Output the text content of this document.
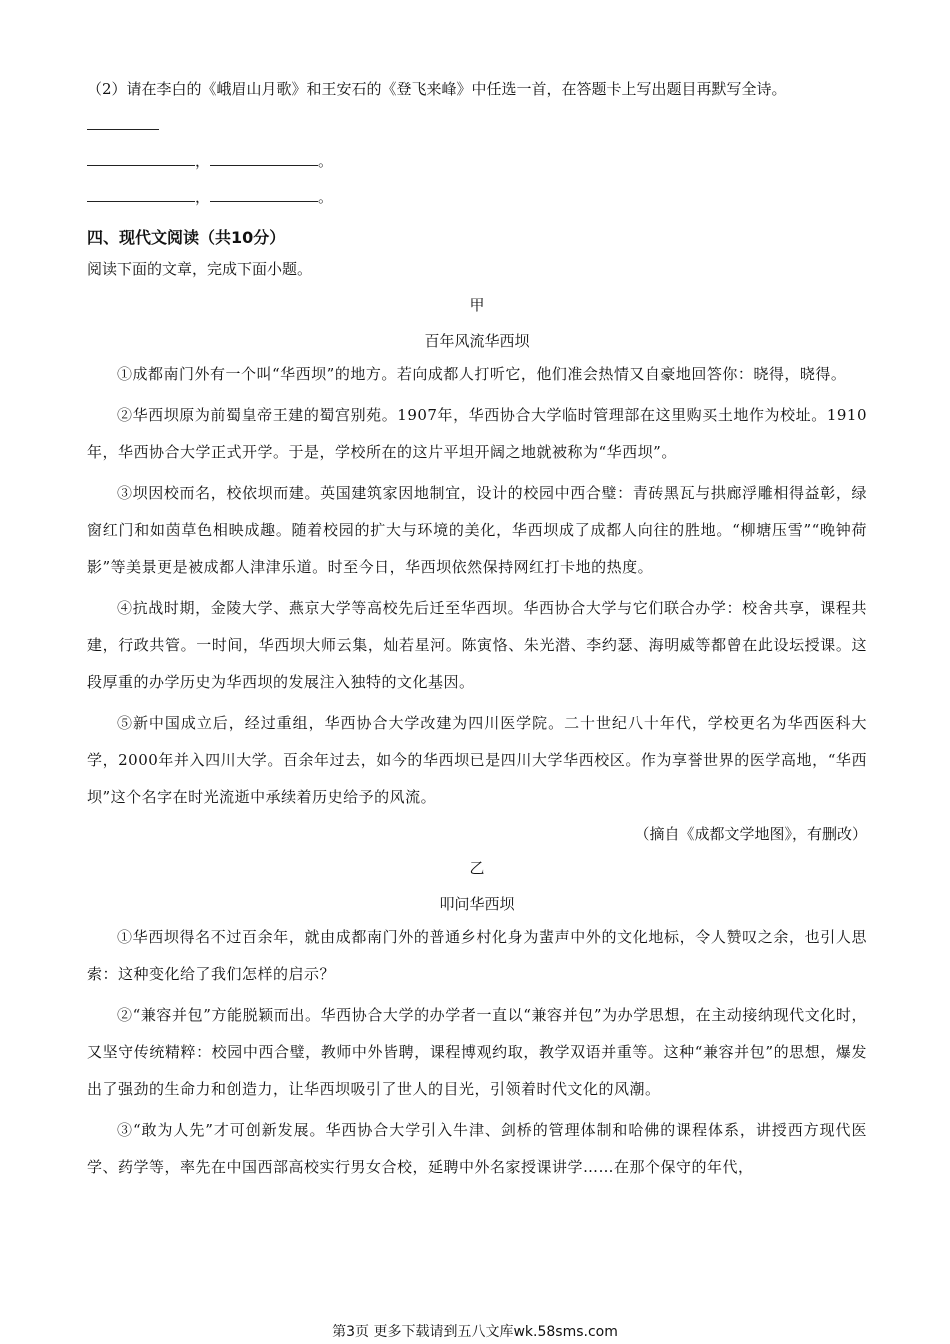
（2）请在李白的《峨眉山月歌》和王安石的《登飞来峰》中任选一首，在答题卡上写出题目再默写全诗。
，	。
，	。
四、现代文阅读（共10分）
阅读下面的文章，完成下面小题。
甲
百年风流华西坝
①成都南门外有一个叫“华西坝”的地方。若向成都人打听它，他们准会热情又自豪地回答你：晓得，晓得。
②华西坝原为前蜀皇帝王建的蜀宫别苑。1907年，华西协合大学临时管理部在这里购买土地作为校址。1910年，华西协合大学正式开学。于是，学校所在的这片平坦开阔之地就被称为“华西坝”。
③坝因校而名，校依坝而建。英国建筑家因地制宜，设计的校园中西合璧：青砖黑瓦与拱廊浮雕相得益彰，绿窗红门和如茵草色相映成趣。随着校园的扩大与环境的美化，华西坝成了成都人向往的胜地。“柳塘压雪”“晚钟荷影”等美景更是被成都人津津乐道。时至今日，华西坝依然保持网红打卡地的热度。
④抗战时期，金陵大学、燕京大学等高校先后迁至华西坝。华西协合大学与它们联合办学：校舍共享，课程共建，行政共管。一时间，华西坝大师云集，灿若星河。陈寅恪、朱光潜、李约瑟、海明威等都曾在此设坛授课。这段厚重的办学历史为华西坝的发展注入独特的文化基因。
⑤新中国成立后，经过重组，华西协合大学改建为四川医学院。二十世纪八十年代，学校更名为华西医科大学，2000年并入四川大学。百余年过去，如今的华西坝已是四川大学华西校区。作为享誉世界的医学高地，“华西坝”这个名字在时光流逝中承续着历史给予的风流。
（摘自《成都文学地图》，有删改）
乙
叩问华西坝
①华西坝得名不过百余年，就由成都南门外的普通乡村化身为蜚声中外的文化地标，令人赞叹之余，也引人思索：这种变化给了我们怎样的启示？
②“兼容并包”方能脱颖而出。华西协合大学的办学者一直以“兼容并包”为办学思想，在主动接纳现代文化时，又坚守传统精粹：校园中西合璧，教师中外皆聘，课程博观约取，教学双语并重等。这种“兼容并包”的思想，爆发出了强劲的生命力和创造力，让华西坝吸引了世人的目光，引领着时代文化的风潮。
③“敢为人先”才可创新发展。华西协合大学引入牛津、剑桥的管理体制和哈佛的课程体系，讲授西方现代医学、药学等，率先在中国西部高校实行男女合校，延聘中外名家授课讲学……在那个保守的年代，
第3页 更多下载请到五八文库wk.58sms.com
